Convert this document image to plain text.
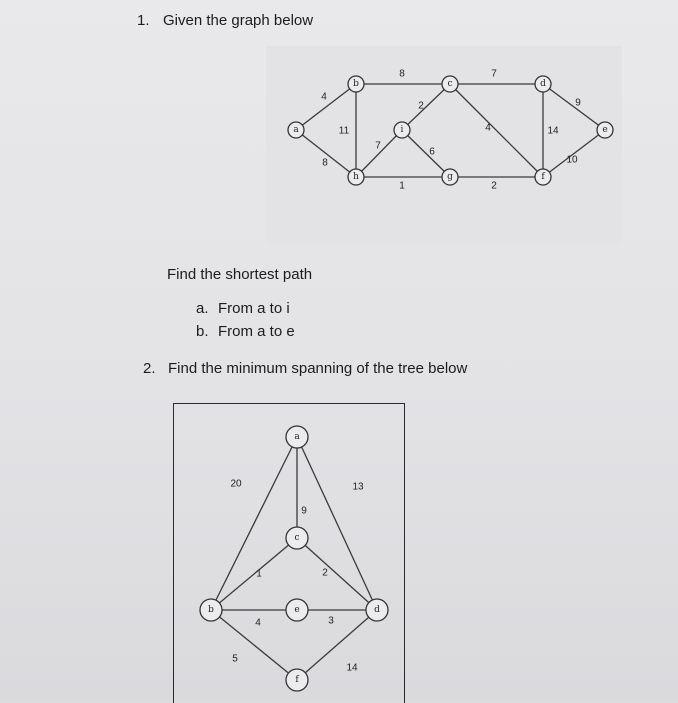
1. Given the graph below
a
b
h
i
c
g
d
f
e
4
8
11
8
7
1
2
6
7
4
2
14
9
10
Find the shortest path
a. From a to i
b. From a to e
2. Find the minimum spanning of the tree below
a
c
b	e	d
f
20
9
13
1	2
4	3
5
14
